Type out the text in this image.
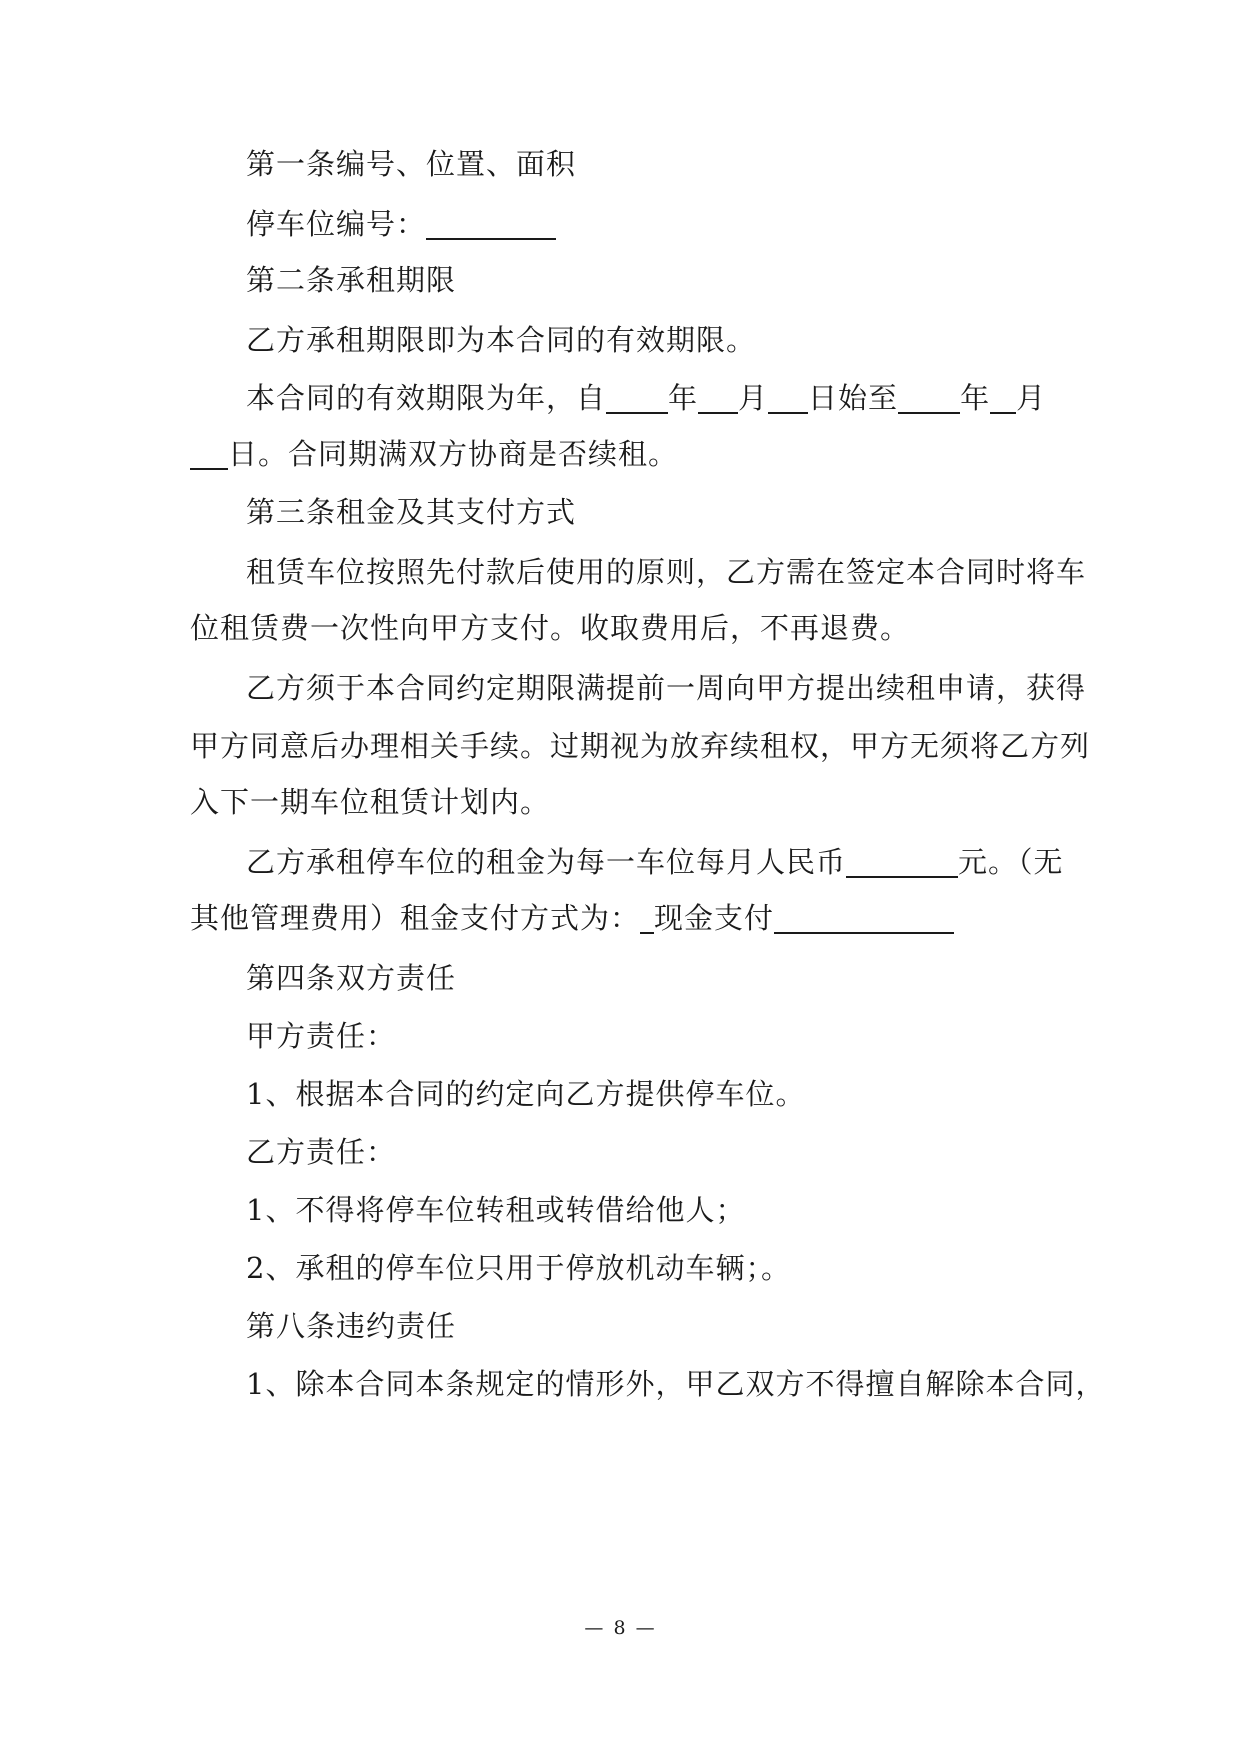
第一条编号、位置、面积
停车位编号：
第二条承租期限
乙方承租期限即为本合同的有效期限。
本合同的有效期限为年，自 年 月 日始至 年 月
日。合同期满双方协商是否续租。
第三条租金及其支付方式
租赁车位按照先付款后使用的原则，乙方需在签定本合同时将车
位租赁费一次性向甲方支付。收取费用后，不再退费。
乙方须于本合同约定期限满提前一周向甲方提出续租申请，获得
甲方同意后办理相关手续。过期视为放弃续租权，甲方无须将乙方列
入下一期车位租赁计划内。
乙方承租停车位的租金为每一车位每月人民币	元。（无
其他管理费用）租金支付方式为： 现金支付
第四条双方责任
甲方责任：
1、根据本合同的约定向乙方提供停车位。
乙方责任：
1、不得将停车位转租或转借给他人；
2、承租的停车位只用于停放机动车辆；。
第八条违约责任
1、除本合同本条规定的情形外，甲乙双方不得擅自解除本合同，
— 8 —
